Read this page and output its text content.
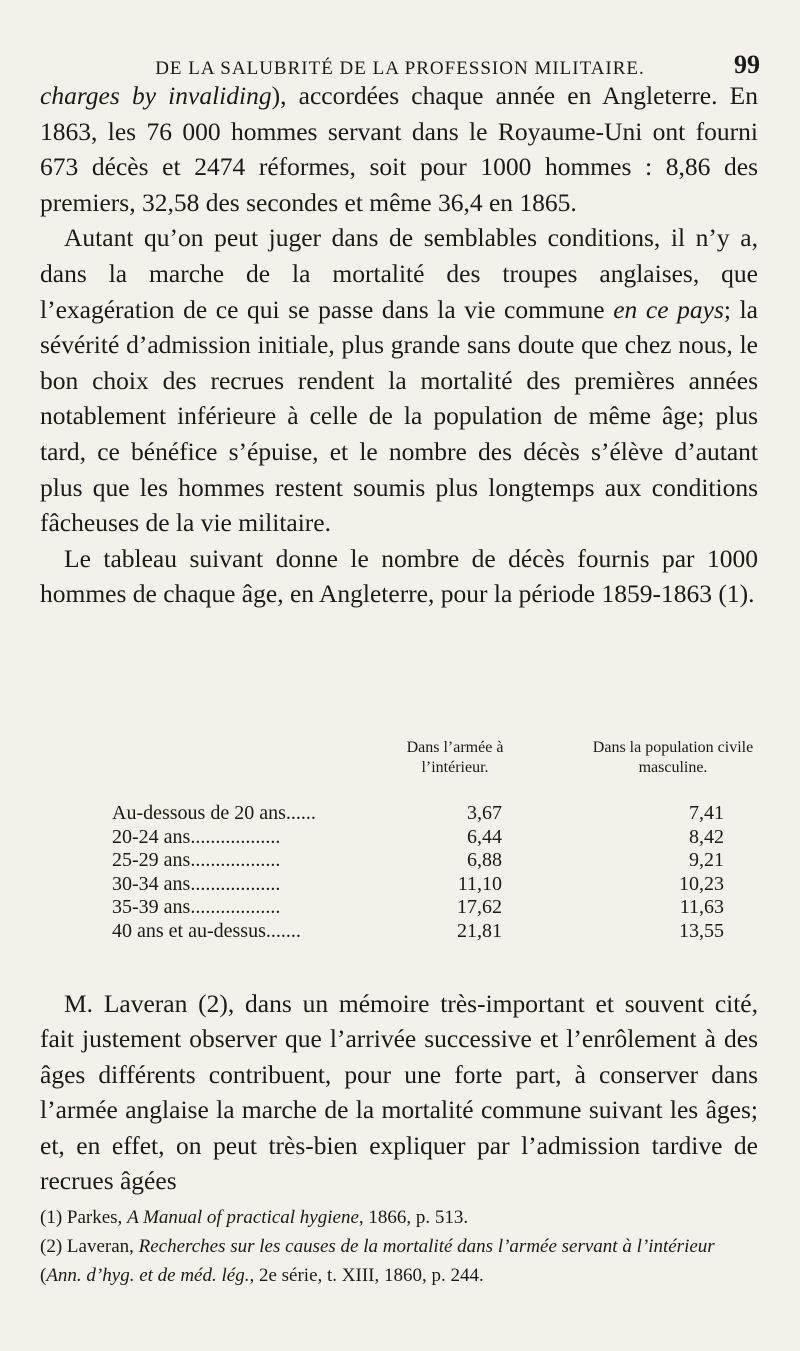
DE LA SALUBRITÉ DE LA PROFESSION MILITAIRE.	99

charges by invaliding), accordées chaque année en Angleterre. En 1863, les 76 000 hommes servant dans le Royaume-Uni ont fourni 673 décès et 2474 réformes, soit pour 1000 hommes : 8,86 des premiers, 32,58 des secondes et même 36,4 en 1865.

Autant qu’on peut juger dans de semblables conditions, il n’y a, dans la marche de la mortalité des troupes anglaises, que l’exagération de ce qui se passe dans la vie commune en ce pays; la sévérité d’admission initiale, plus grande sans doute que chez nous, le bon choix des recrues rendent la mortalité des premières années notablement inférieure à celle de la population de même âge; plus tard, ce bénéfice s’épuise, et le nombre des décès s’élève d’autant plus que les hommes restent soumis plus longtemps aux conditions fâcheuses de la vie militaire.

Le tableau suivant donne le nombre de décès fournis par 1000 hommes de chaque âge, en Angleterre, pour la période 1859-1863 (1).

Dans l’armée à l’intérieur.
Dans la population civile masculine.
Au-dessous de 20 ans......	3,67	7,41
20-24 ans..................	6,44	8,42
25-29 ans..................	6,88	9,21
30-34 ans..................	11,10	10,23
35-39 ans..................	17,62	11,63
40 ans et au-dessus.......	21,81	13,55

M. Laveran (2), dans un mémoire très-important et souvent cité, fait justement observer que l’arrivée successive et l’enrôlement à des âges différents contribuent, pour une forte part, à conserver dans l’armée anglaise la marche de la mortalité commune suivant les âges; et, en effet, on peut très-bien expliquer par l’admission tardive de recrues âgées

(1) Parkes, A Manual of practical hygiene, 1866, p. 513.

(2) Laveran, Recherches sur les causes de la mortalité dans l’armée servant à l’intérieur (Ann. d’hyg. et de méd. lég., 2e série, t. XIII, 1860, p. 244.
